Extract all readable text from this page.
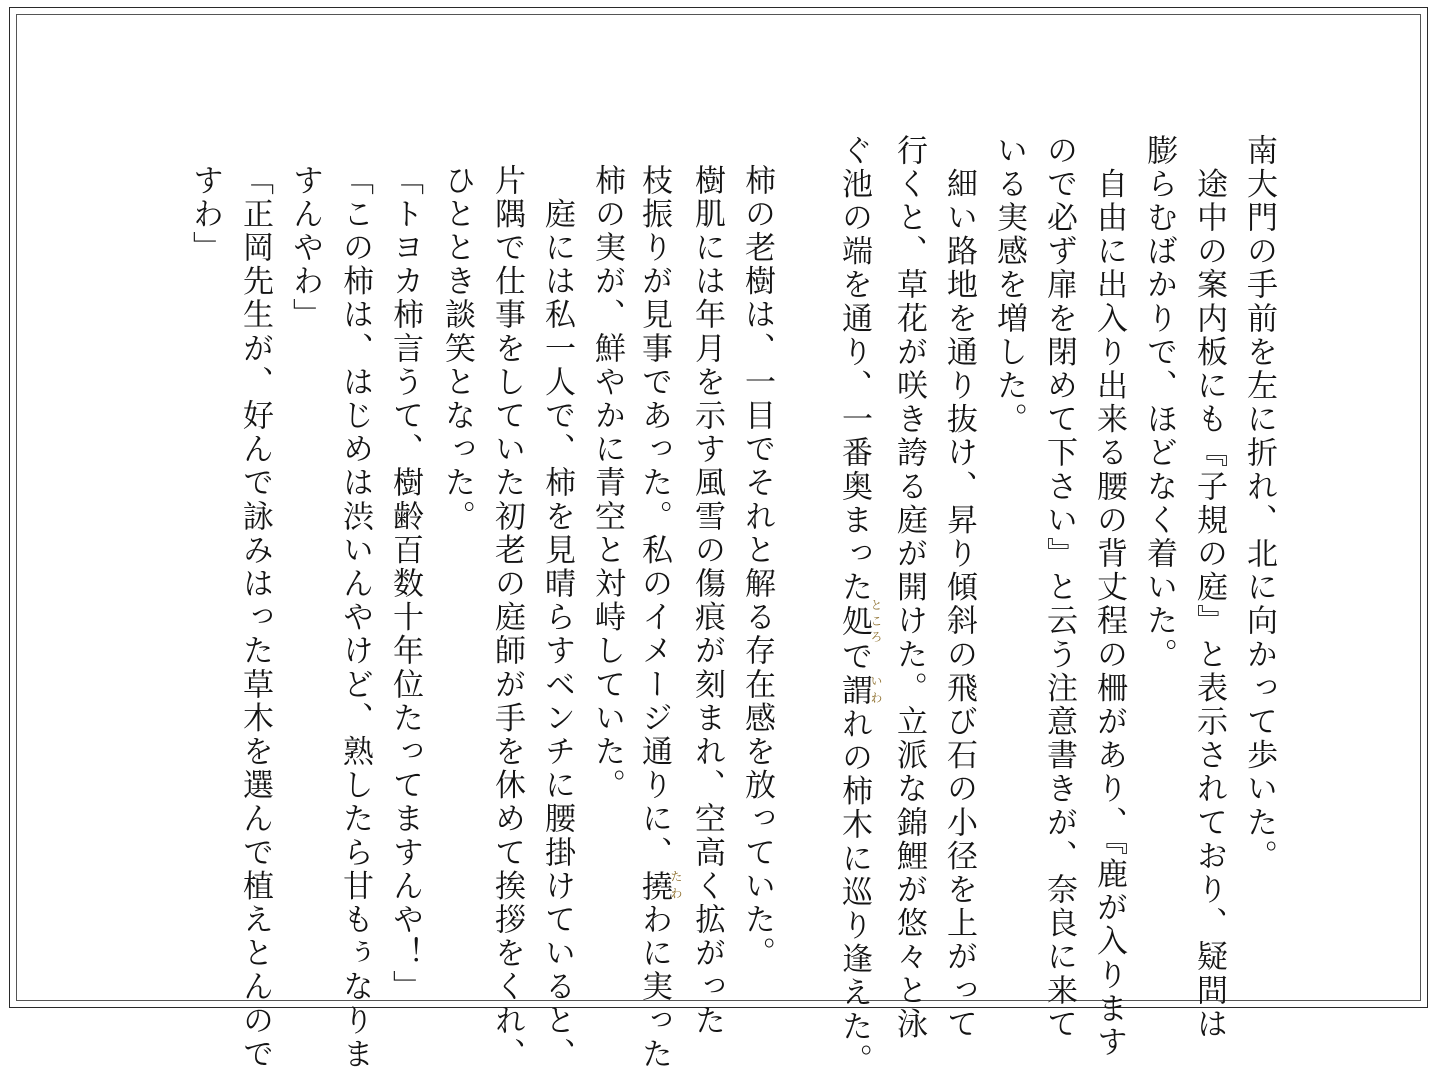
南大門の手前を左に折れ、北に向かって歩いた。
　途中の案内板にも『子規の庭』と表示されており、疑問は
膨らむばかりで、ほどなく着いた。
　自由に出入り出来る腰の背丈程の柵があり、『鹿が入ります
ので必ず扉を閉めて下さい』と云う注意書きが、奈良に来て
いる実感を増した。
　細い路地を通り抜け、昇り傾斜の飛び石の小径を上がって
行くと、草花が咲き誇る庭が開けた。立派な錦鯉が悠々と泳
ぐ池の端を通り、一番奥まった処ところで謂いわれの柿木に巡り逢えた。
柿の老樹は、一目でそれと解る存在感を放っていた。
樹肌には年月を示す風雪の傷痕が刻まれ、空高く拡がった
枝振りが見事であった。私のイメージ通りに、撓たわわに実った
柿の実が、鮮やかに青空と対峙していた。
　庭には私一人で、柿を見晴らすベンチに腰掛けていると、
片隅で仕事をしていた初老の庭師が手を休めて挨拶をくれ、
ひととき談笑となった。
「トヨカ柿言うて、樹齢百数十年位たってますんや！」
「この柿は、はじめは渋いんやけど、熟したら甘もぅなりま
すんやわ」
「正岡先生が、好んで詠みはった草木を選んで植えとんので
すわ」
